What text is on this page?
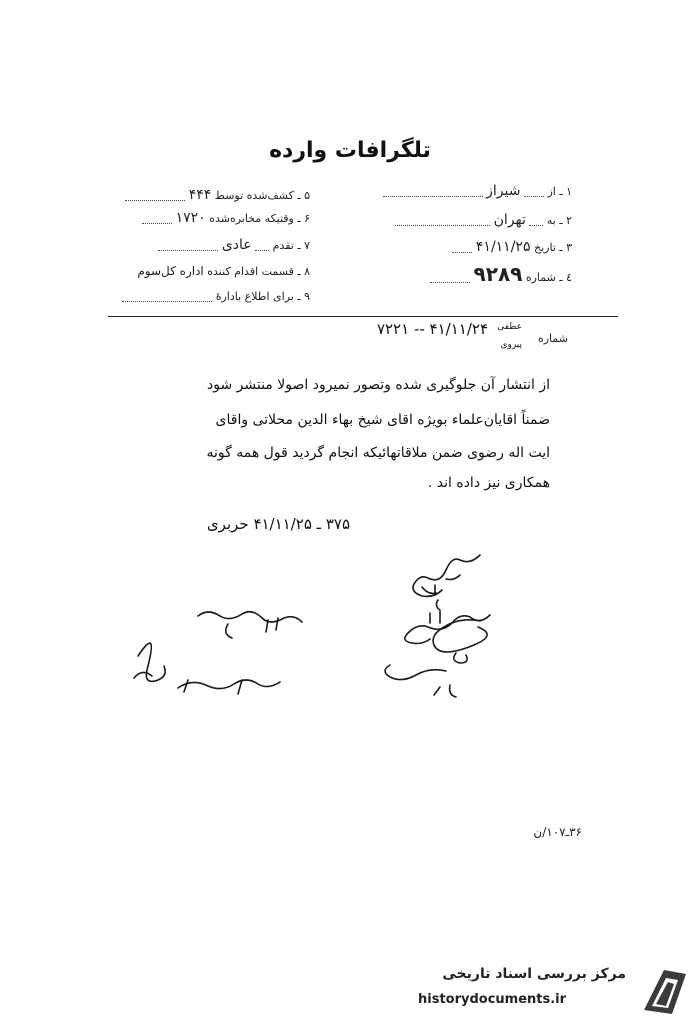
تلگرافات وارده
۱ ـ از  شیراز
۲ ـ به  تهران
۳ ـ تاریخ ۴۱/۱۱/۲۵
٤ ـ شماره ۹۲۸۹
۵ ـ کشف‌شده توسط ۴۴۴
۶ ـ وقتیکه مخابره‌شده ۱۷۲۰
۷ ـ تقدم  عادی
۸ ـ قسمت اقدام کننده اداره کل‌سوم
۹ ـ برای اطلاع بادارهٔ
شماره
عطفی
پیروی
۴۱/۱۱/۲۴ -- ۷۲۲۱
از انتشار آن جلوگیری شده وتصور نمیرود اصولا منتشر شود
ضمناً اقایان‌علماء بویژه اقای شیخ بهاء الدین محلاتی واقای
ایت اله رضوی ضمن ملاقاتهائیکه انجام گردید قول همه گونه
همکاری نیز داده اند .
۳۷۵ ـ ۴۱/۱۱/۲۵ حربری
۳۶ـ۱۰۷/ن
مرکز بررسی اسناد تاریخی
historydocuments.ir
